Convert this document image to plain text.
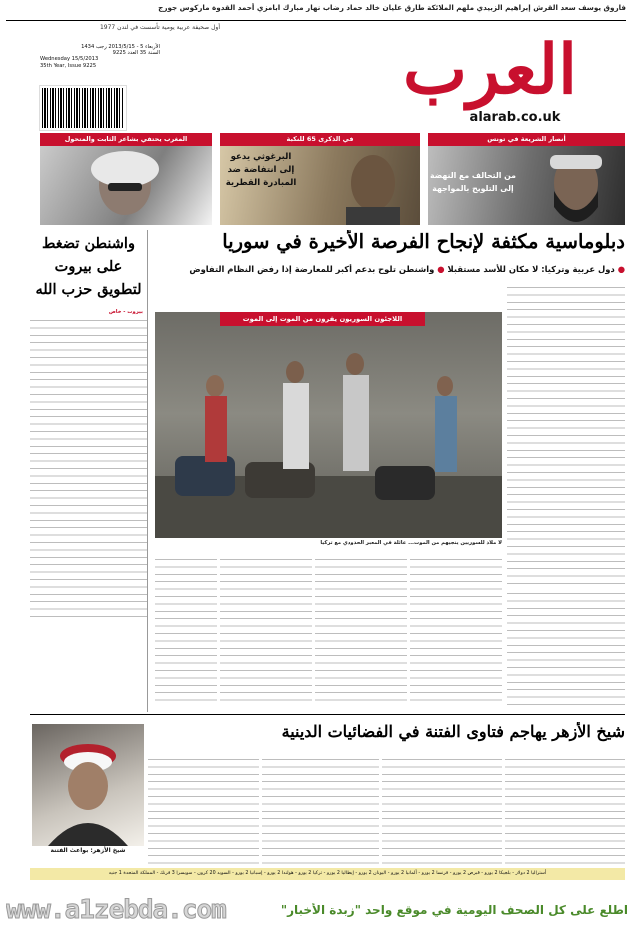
فاروق يوسف سعد القرش إبراهيم الزبيدي ملهم الملائكة طارق عليان خالد حماد رضاب نهار مبارك ابامزي أحمد القدوة ماركوس جورج
أول صحيفة عربية يومية تأسست في لندن 1977
الأربعاء 5 - 2013/5/15 رجب 1434
السنة 35 العدد 9225
Wednesday 15/5/2013
35th Year, Issue 9225	العرب
alarab.co.uk
المغرب يحتفي بشاعر الثابت والمتحول	في الذكرى 65 للنكبة
البرغوثي يدعو إلى انتفاضة ضد المبادرة القطرية
أنصار الشريعة في تونس
من التحالف مع النهضة إلى التلويح بالمواجهة
دبلوماسية مكثفة لإنجاح الفرصة الأخيرة في سوريا
● دول عربية وتركيا: لا مكان للأسد مستقبلا ● واشنطن تلوح بدعم أكبر للمعارضة إذا رفض النظام التفاوض
واشنطن تضغط على بيروت لتطويق حزب الله
بيروت - خاص
اللاجئون السوريون يفرون من الموت إلى الموت
لا ملاذ للسوريين ينجيهم من الموت... عائلة في المعبر الحدودي مع تركيا
شيخ الأزهر يهاجم فتاوى الفتنة في الفضائيات الدينية
شيخ الأزهر: بواعث الفتنة
أستراليا 2 دولار - بلجيكا 2 يورو - قبرص 2 يورو - فرنسا 2 يورو - ألمانيا 2 يورو - اليونان 2 يورو - إيطاليا 2 يورو - تركيا 2 يورو - هولندا 2 يورو - إسبانيا 2 يورو - السويد 20 كرون - سويسرا 3 فرنك - المملكة المتحدة 1 جنيه
www.a1zebda.com	اطلع على كل الصحف اليومية في موقع واحد "زبدة الأخبار"
